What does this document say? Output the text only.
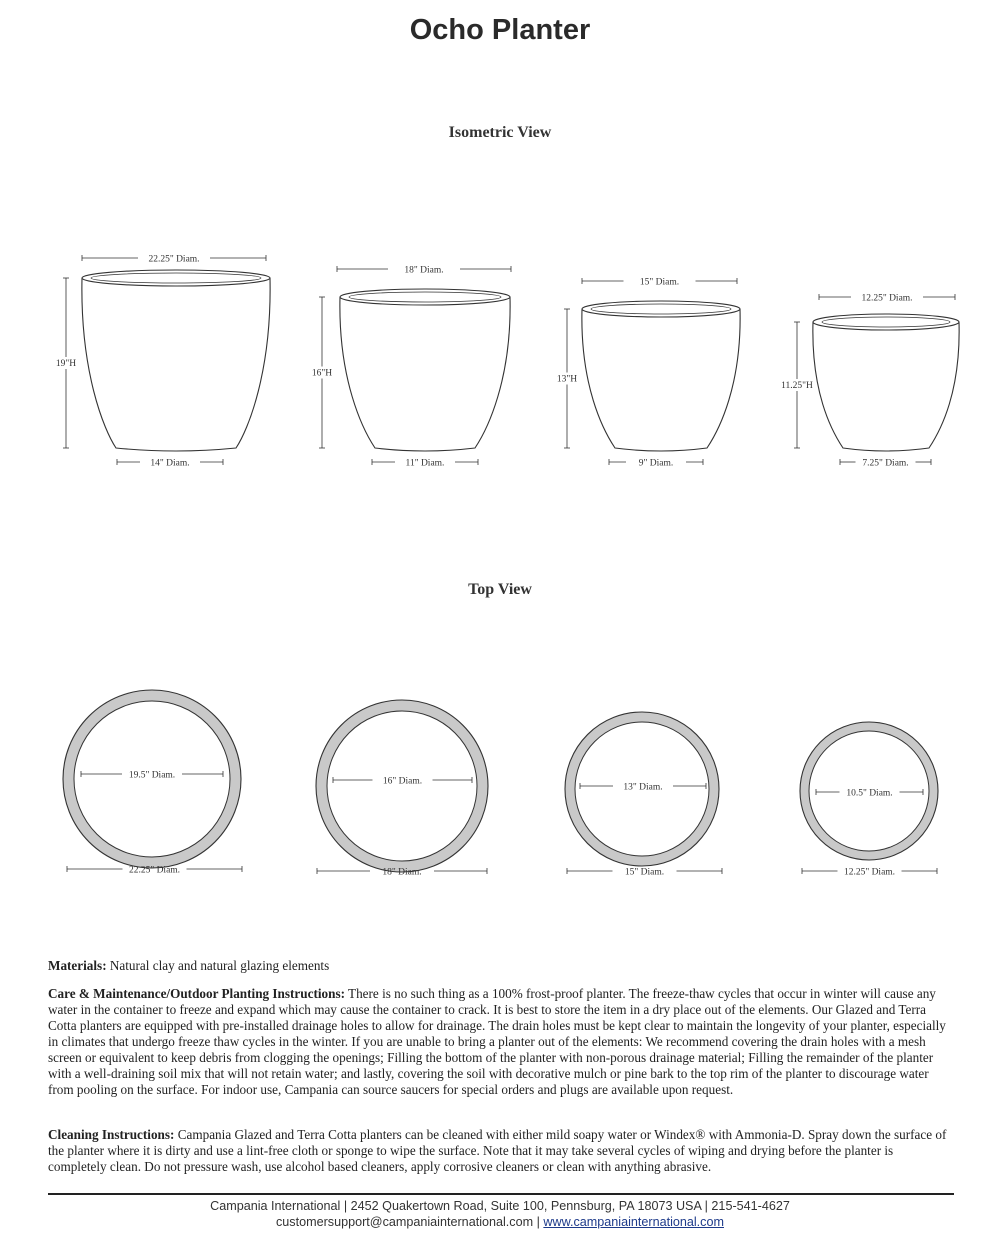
Ocho Planter
Isometric View
Top View
19"H
22.25" Diam.
14" Diam.
16"H
18" Diam.
11" Diam.
13"H
15" Diam.
9" Diam.
11.25"H
12.25" Diam.
7.25" Diam.
19.5" Diam.
22.25" Diam.
16" Diam.
18" Diam.
13" Diam.
15" Diam.
10.5" Diam.
12.25" Diam.
Materials: Natural clay and natural glazing elements
Care & Maintenance/Outdoor Planting Instructions: There is no such thing as a 100% frost-proof planter. The freeze-thaw cycles that occur in winter will cause any water in the container to freeze and expand which may cause the container to crack. It is best to store the item in a dry place out of the elements. Our Glazed and Terra Cotta planters are equipped with pre-installed drainage holes to allow for drainage. The drain holes must be kept clear to maintain the longevity of your planter, especially in climates that undergo freeze thaw cycles in the winter. If you are unable to bring a planter out of the elements: We recommend covering the drain holes with a mesh screen or equivalent to keep debris from clogging the openings; Filling the bottom of the planter with non-porous drainage material; Filling the remainder of the planter with a well-draining soil mix that will not retain water; and lastly, covering the soil with decorative mulch or pine bark to the top rim of the planter to discourage water from pooling on the surface. For indoor use, Campania can source saucers for special orders and plugs are available upon request.
Cleaning Instructions: Campania Glazed and Terra Cotta planters can be cleaned with either mild soapy water or Windex® with Ammonia-D. Spray down the surface of the planter where it is dirty and use a lint-free cloth or sponge to wipe the surface. Note that it may take several cycles of wiping and drying before the planter is completely clean. Do not pressure wash, use alcohol based cleaners, apply corrosive cleaners or clean with anything abrasive.
Campania International | 2452 Quakertown Road, Suite 100, Pennsburg, PA 18073 USA | 215-541-4627
customersupport@campaniainternational.com | www.campaniainternational.com
